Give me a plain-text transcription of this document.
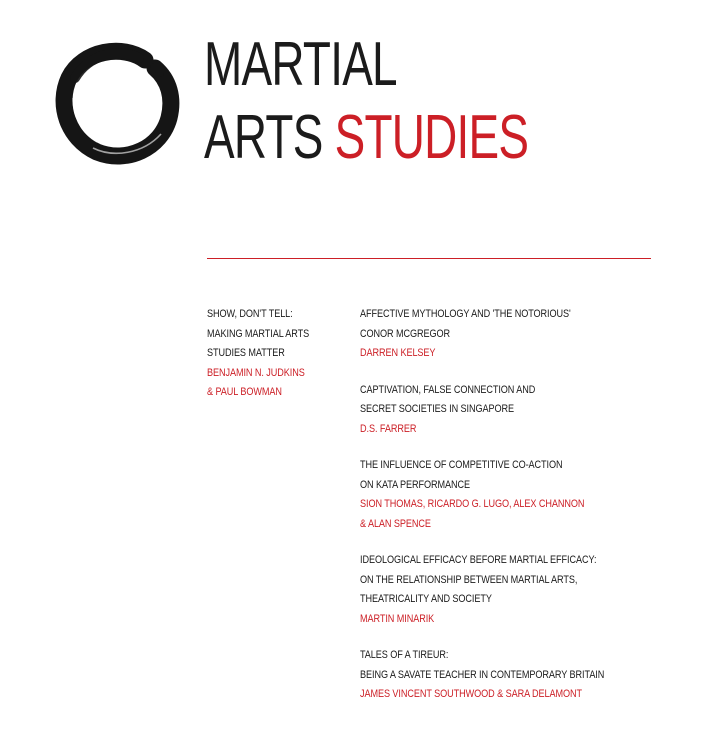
MARTIAL
ARTS STUDIES
SHOW, DON'T TELL:
MAKING MARTIAL ARTS
STUDIES MATTER
BENJAMIN N. JUDKINS
& PAUL BOWMAN
AFFECTIVE MYTHOLOGY AND 'THE NOTORIOUS'
CONOR MCGREGOR
DARREN KELSEY
CAPTIVATION, FALSE CONNECTION AND
SECRET SOCIETIES IN SINGAPORE
D.S. FARRER
THE INFLUENCE OF COMPETITIVE CO-ACTION
ON KATA PERFORMANCE
SION THOMAS, RICARDO G. LUGO, ALEX CHANNON
& ALAN SPENCE
IDEOLOGICAL EFFICACY BEFORE MARTIAL EFFICACY:
ON THE RELATIONSHIP BETWEEN MARTIAL ARTS,
THEATRICALITY AND SOCIETY
MARTIN MINARIK
TALES OF A TIREUR:
BEING A SAVATE TEACHER IN CONTEMPORARY BRITAIN
JAMES VINCENT SOUTHWOOD & SARA DELAMONT
